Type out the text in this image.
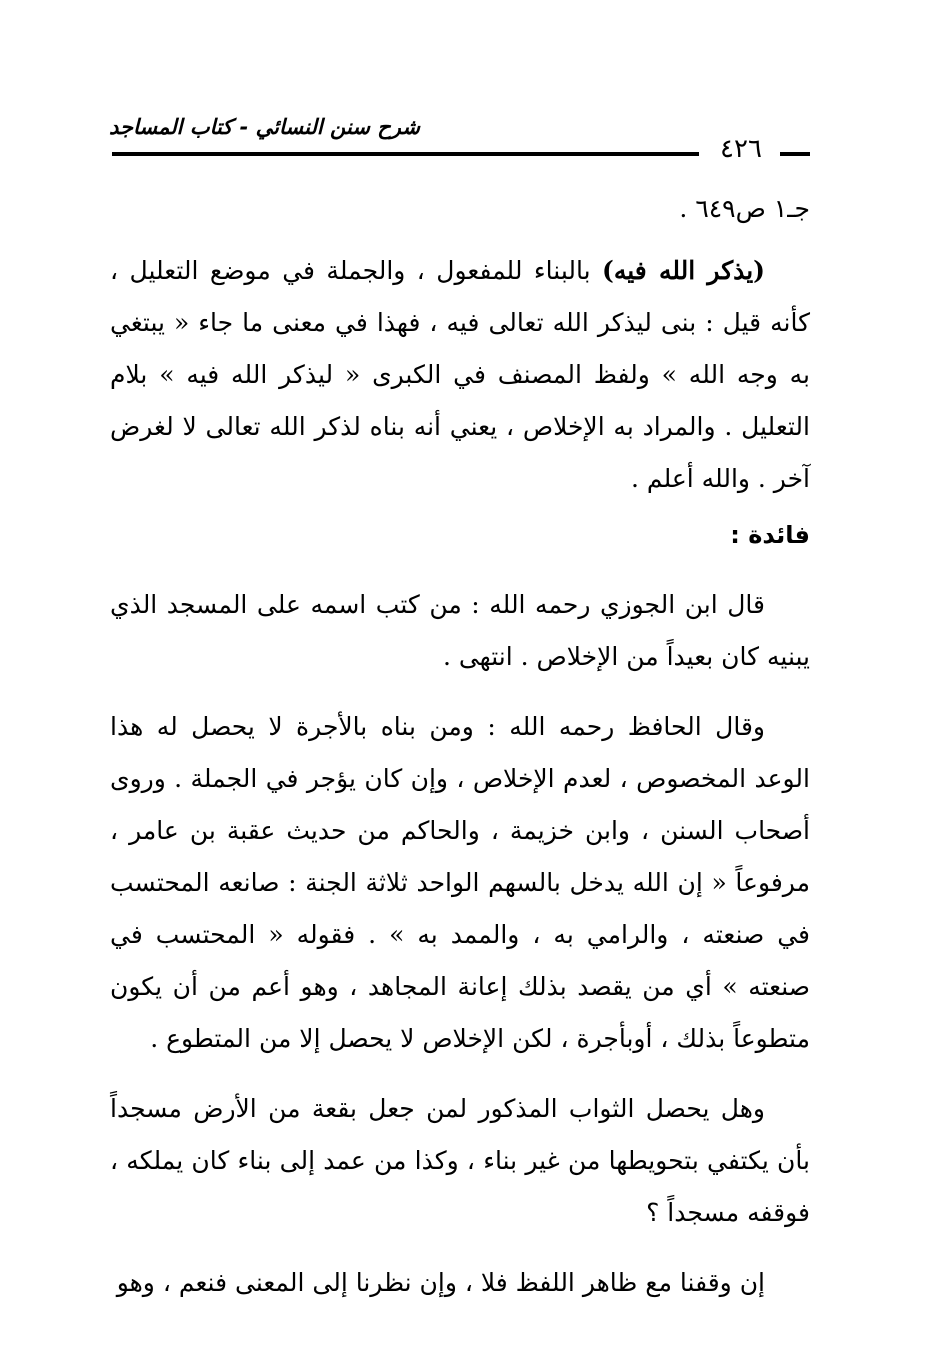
شرح سنن النسائي - كتاب المساجد
٤٢٦

جـ١ ص٦٤٩ .

(يذكر الله فيه) بالبناء للمفعول ، والجملة في موضع التعليل ، كأنه قيل : بنى ليذكر الله تعالى فيه ، فهذا في معنى ما جاء « يبتغي به وجه الله » ولفظ المصنف في الكبرى « ليذكر الله فيه » بلام التعليل . والمراد به الإخلاص ، يعني أنه بناه لذكر الله تعالى لا لغرض آخر . والله أعلم .

فائدة :

قال ابن الجوزي رحمه الله : من كتب اسمه على المسجد الذي يبنيه كان بعيداً من الإخلاص . انتهى .

وقال الحافظ رحمه الله : ومن بناه بالأجرة لا يحصل له هذا الوعد المخصوص ، لعدم الإخلاص ، وإن كان يؤجر في الجملة . وروى أصحاب السنن ، وابن خزيمة ، والحاكم من حديث عقبة بن عامر ، مرفوعاً « إن الله يدخل بالسهم الواحد ثلاثة الجنة : صانعه المحتسب في صنعته ، والرامي به ، والممد به » . فقوله « المحتسب في صنعته » أي من يقصد بذلك إعانة المجاهد ، وهو أعم من أن يكون متطوعاً بذلك ، أوبأجرة ، لكن الإخلاص لا يحصل إلا من المتطوع .

وهل يحصل الثواب المذكور لمن جعل بقعة من الأرض مسجداً بأن يكتفي بتحويطها من غير بناء ، وكذا من عمد إلى بناء كان يملكه ، فوقفه مسجداً ؟

إن وقفنا مع ظاهر اللفظ فلا ، وإن نظرنا إلى المعنى فنعم ، وهو
